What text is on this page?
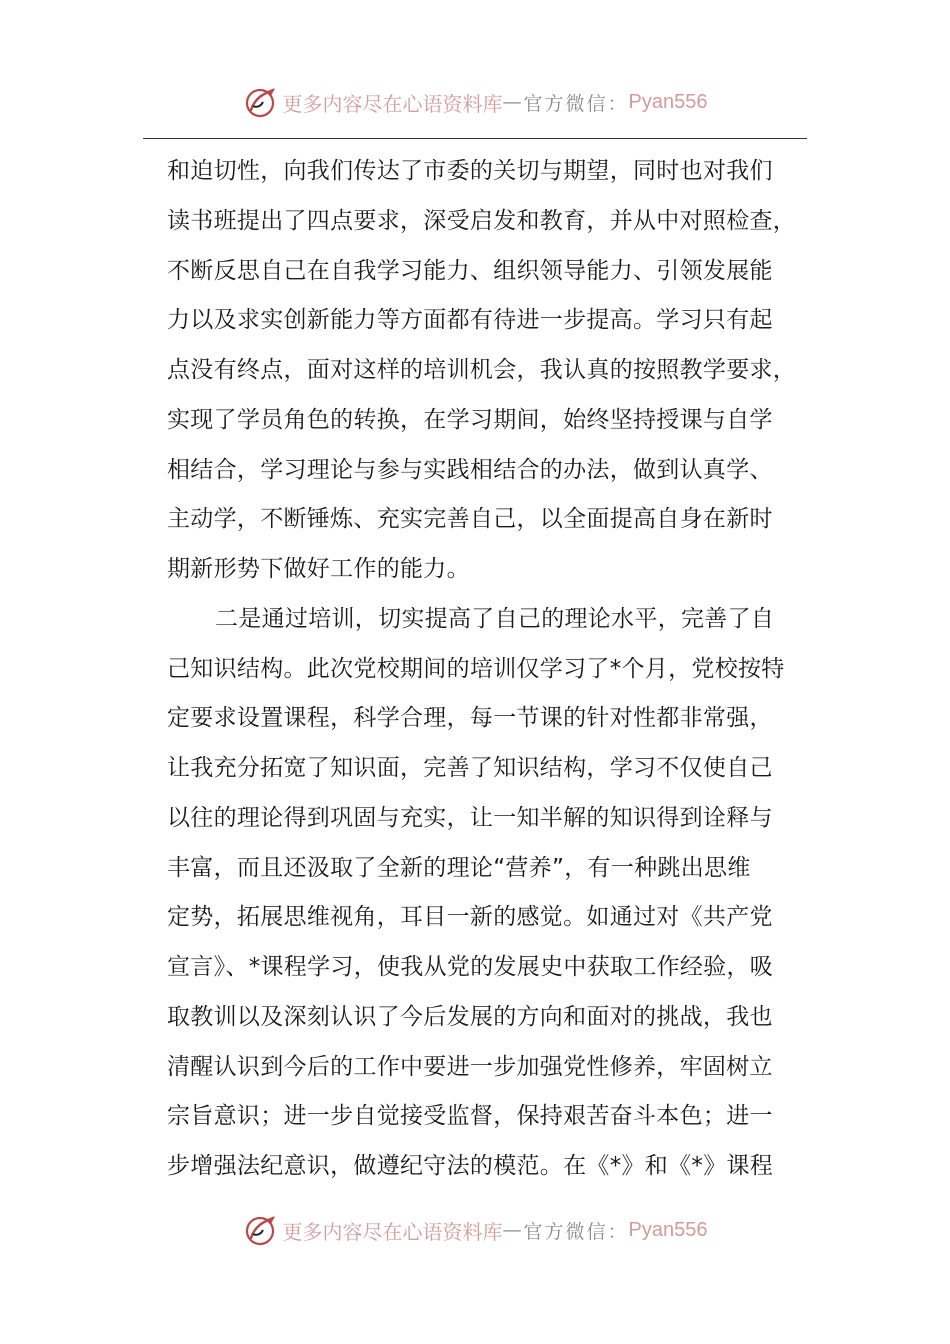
更多内容尽在心语资料库 — 官方微信： Pyan556
和迫切性，向我们传达了市委的关切与期望，同时也对我们
读书班提出了四点要求，深受启发和教育，并从中对照检查，
不断反思自己在自我学习能力、组织领导能力、引领发展能
力以及求实创新能力等方面都有待进一步提高。学习只有起
点没有终点，面对这样的培训机会，我认真的按照教学要求，
实现了学员角色的转换，在学习期间，始终坚持授课与自学
相结合，学习理论与参与实践相结合的办法，做到认真学、
主动学，不断锤炼、充实完善自己，以全面提高自身在新时
期新形势下做好工作的能力。
二是通过培训，切实提高了自己的理论水平，完善了自
己知识结构。此次党校期间的培训仅学习了*个月，党校按特
定要求设置课程，科学合理，每一节课的针对性都非常强，
让我充分拓宽了知识面，完善了知识结构，学习不仅使自己
以往的理论得到巩固与充实，让一知半解的知识得到诠释与
丰富，而且还汲取了全新的理论“营养”，有一种跳出思维
定势，拓展思维视角，耳目一新的感觉。如通过对《共产党
宣言》、*课程学习，使我从党的发展史中获取工作经验，吸
取教训以及深刻认识了今后发展的方向和面对的挑战，我也
清醒认识到今后的工作中要进一步加强党性修养，牢固树立
宗旨意识；进一步自觉接受监督，保持艰苦奋斗本色；进一
步增强法纪意识，做遵纪守法的模范。在《*》和《*》课程
更多内容尽在心语资料库 — 官方微信： Pyan556
